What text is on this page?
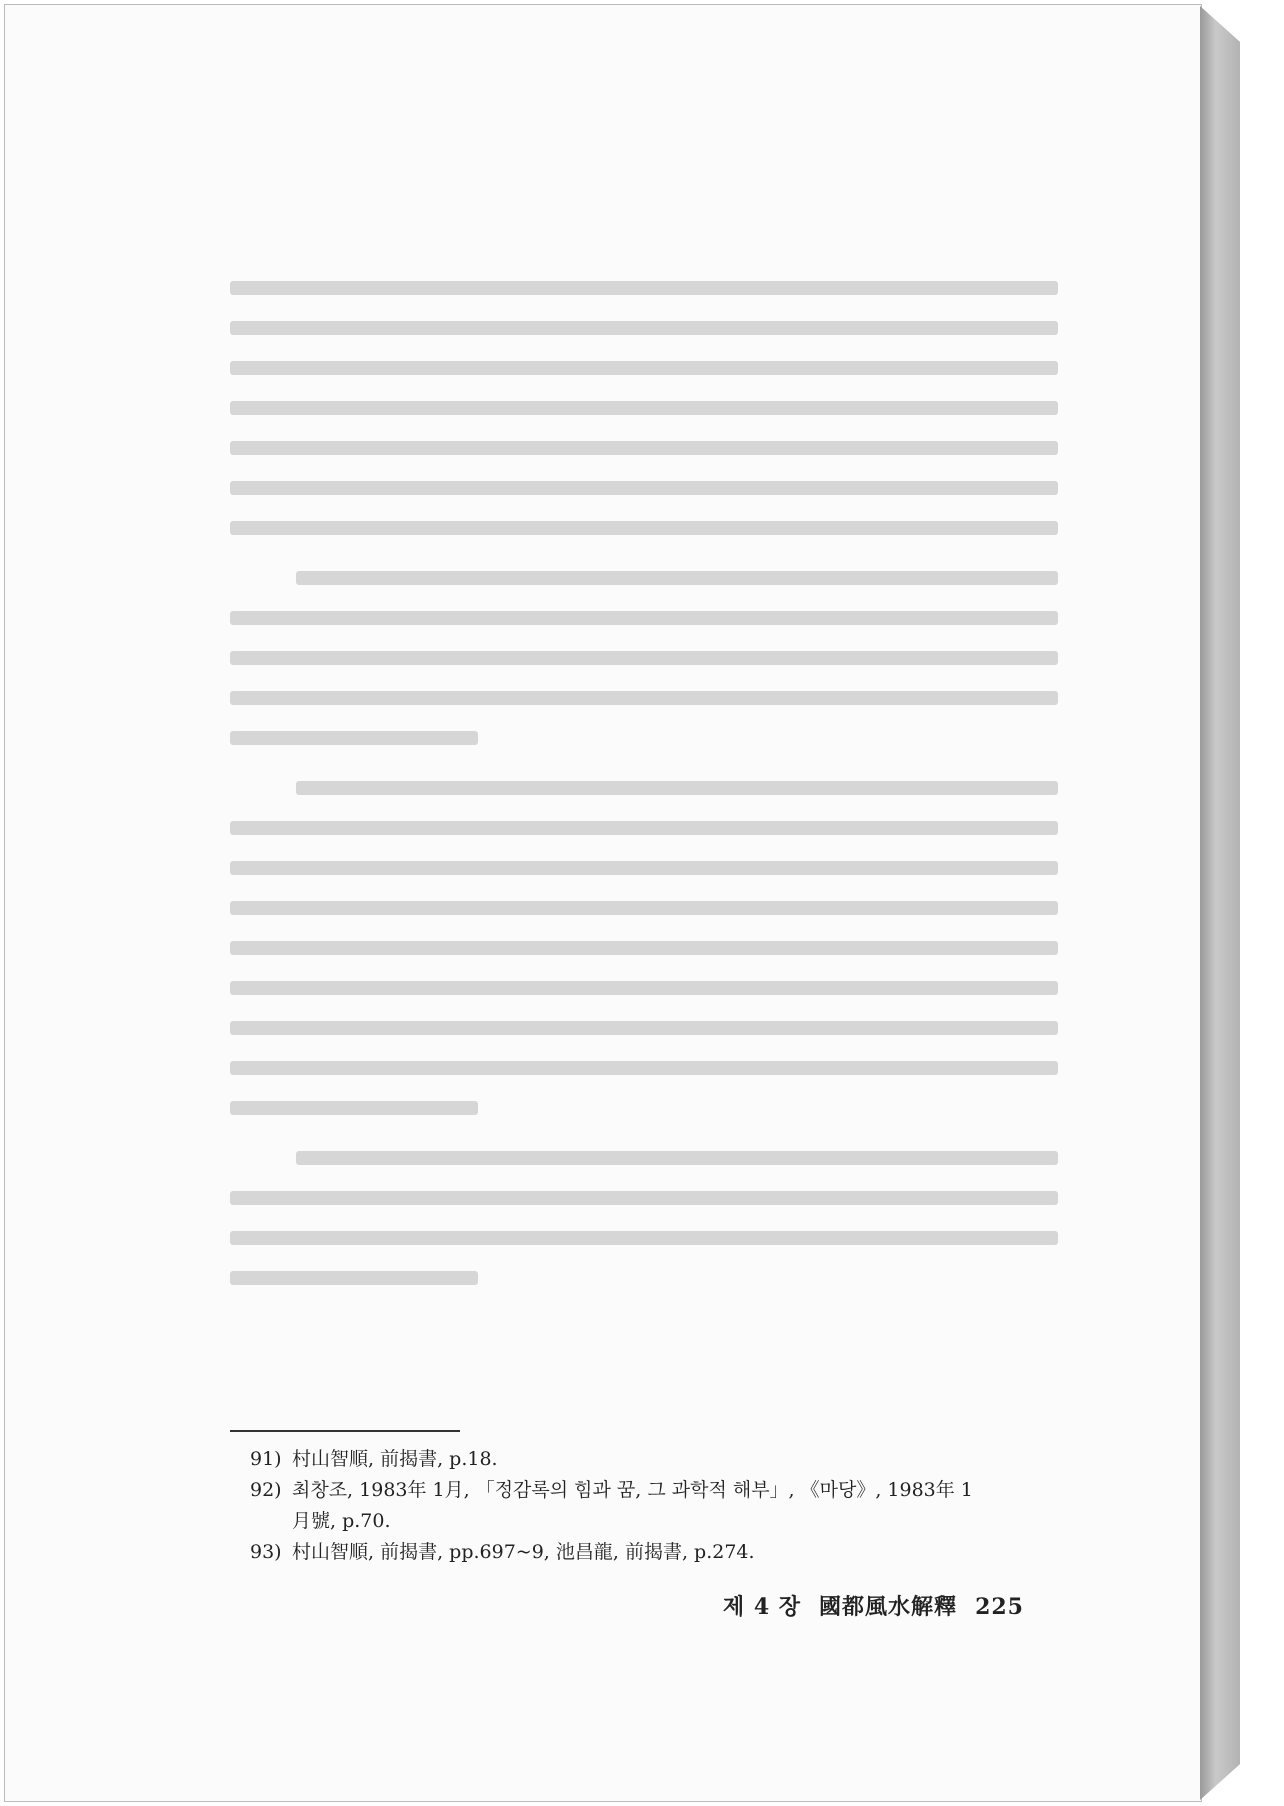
91) 村山智順, 前揭書, p.18.
92) 최창조, 1983年 1月, 「정감록의 힘과 꿈, 그 과학적 해부」, 《마당》, 1983年 1
月號, p.70.
93) 村山智順, 前揭書, pp.697~9, 池昌龍, 前揭書, p.274.
제 4 장 國都風水解釋 225
